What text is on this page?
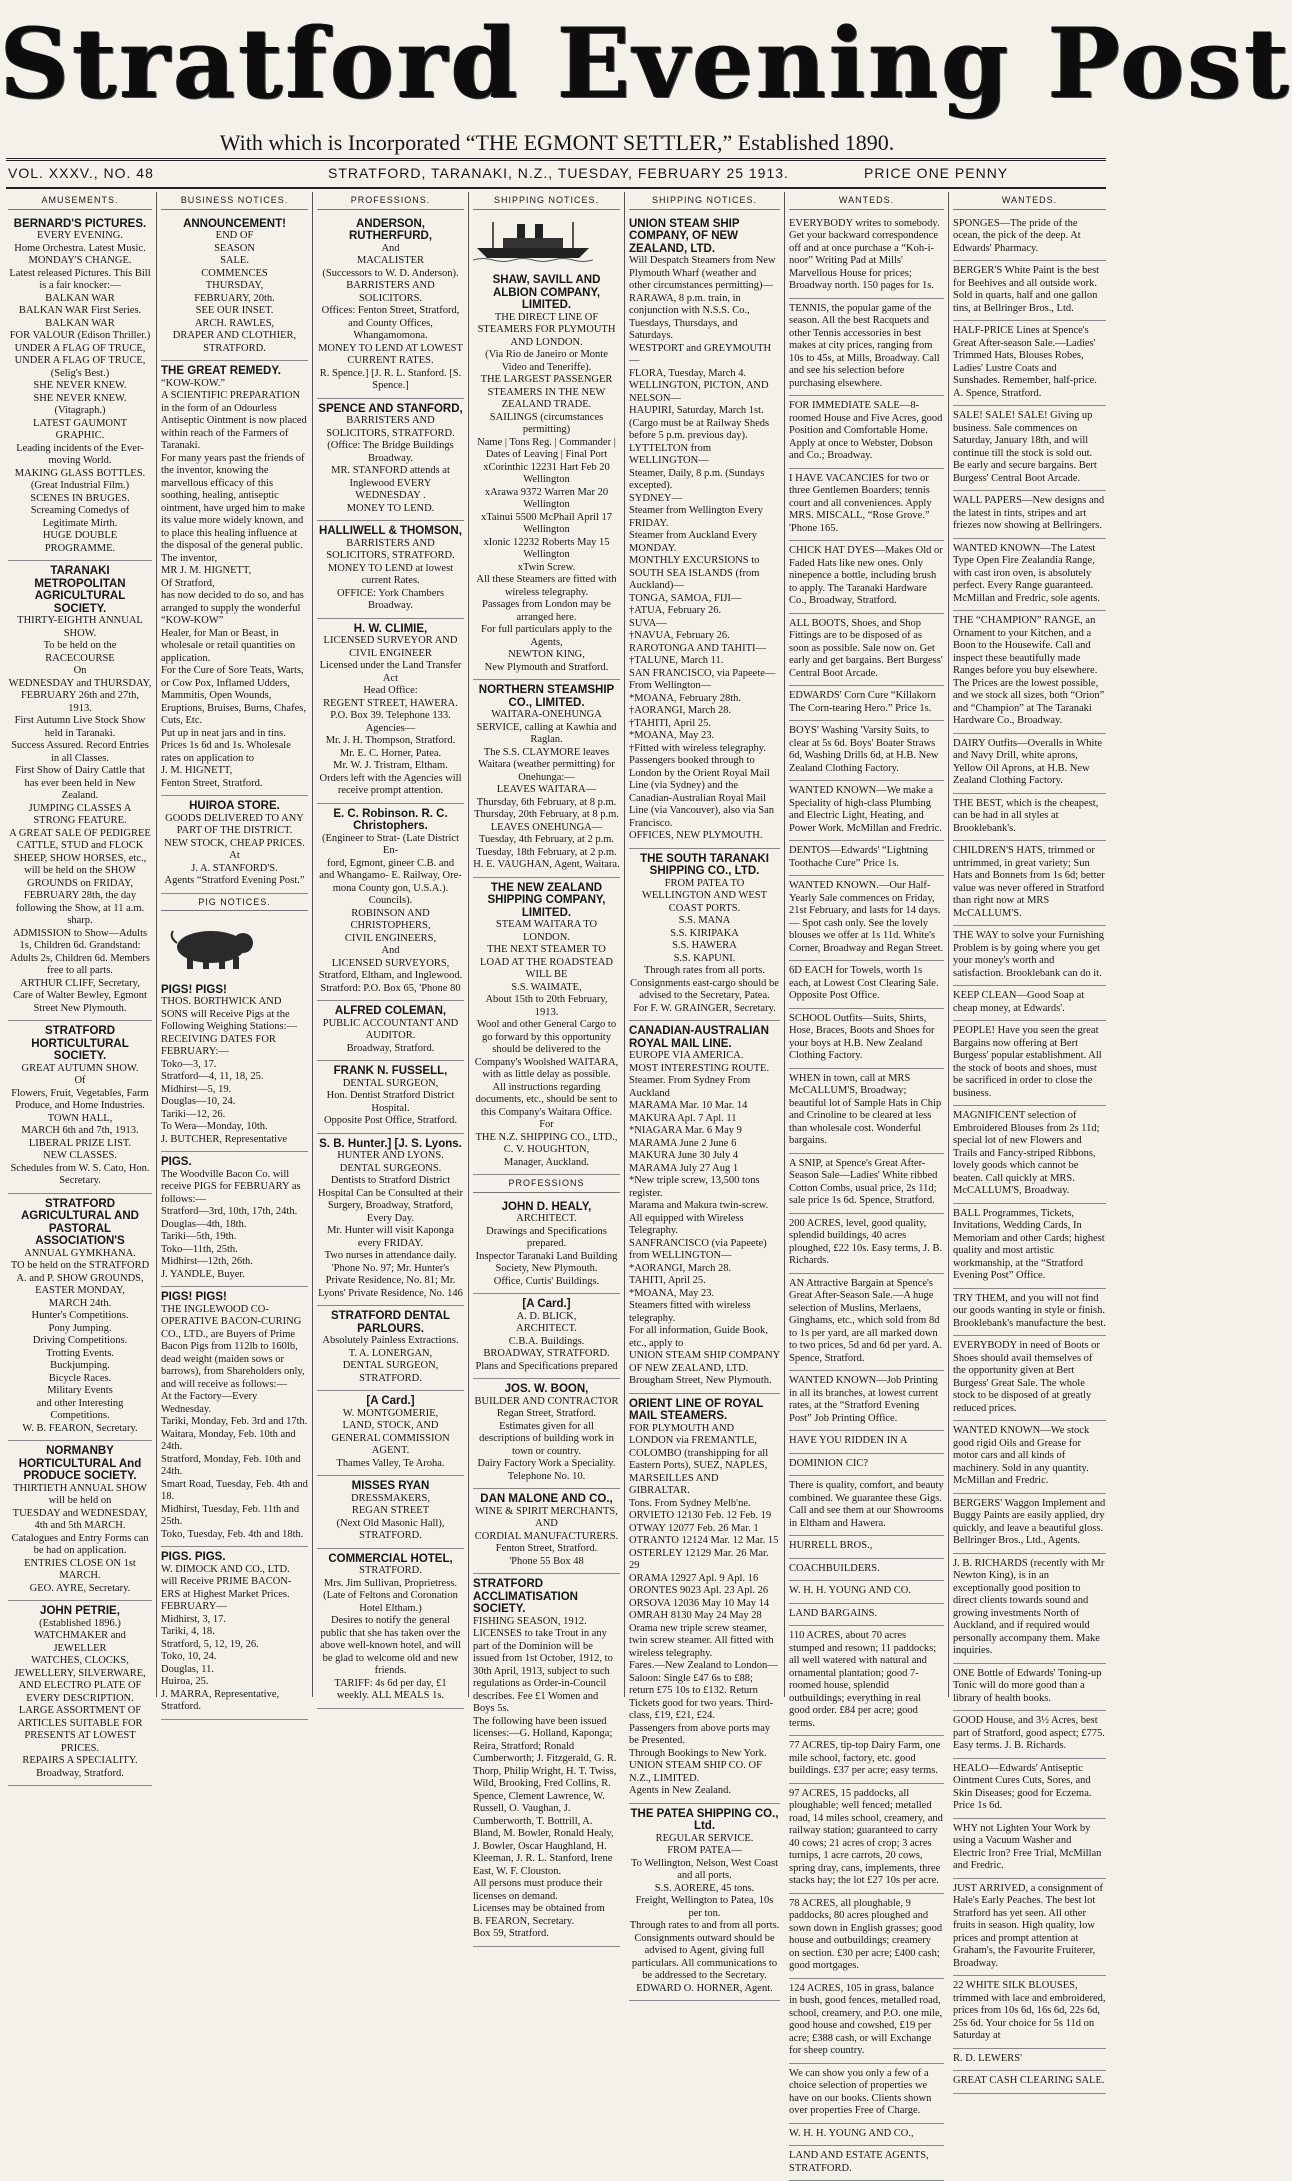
Stratford Evening Post
With which is Incorporated “THE EGMONT SETTLER,” Established 1890.
VOL. XXXV., NO. 48	STRATFORD, TARANAKI, N.Z., TUESDAY, FEBRUARY 25 1913.	PRICE ONE PENNY
AMUSEMENTS.
BERNARD'S PICTURES.
EVERY EVENING.
Home Orchestra. Latest Music.
MONDAY'S CHANGE.
Latest released Pictures. This Bill is a fair knocker:—
BALKAN WAR
BALKAN WAR First Series.
BALKAN WAR
FOR VALOUR (Edison Thriller.)
UNDER A FLAG OF TRUCE,
UNDER A FLAG OF TRUCE,
(Selig's Best.)
SHE NEVER KNEW.
SHE NEVER KNEW.
(Vitagraph.)
LATEST GAUMONT GRAPHIC.
Leading incidents of the Ever-moving World.
MAKING GLASS BOTTLES.
(Great Industrial Film.)
SCENES IN BRUGES.
Screaming Comedys of Legitimate Mirth.
HUGE DOUBLE PROGRAMME.
TARANAKI METROPOLITAN AGRICULTURAL SOCIETY.
THIRTY-EIGHTH ANNUAL
SHOW.
To be held on the RACECOURSE
On
WEDNESDAY and THURSDAY, FEBRUARY 26th and 27th, 1913.
First Autumn Live Stock Show held in Taranaki.
Success Assured. Record Entries in all Classes.
First Show of Dairy Cattle that has ever been held in New Zealand.
JUMPING CLASSES A STRONG FEATURE.
A GREAT SALE OF PEDIGREE CATTLE, STUD and FLOCK SHEEP, SHOW HORSES, etc., will be held on the SHOW GROUNDS on FRIDAY, FEBRUARY 28th, the day following the Show, at 11 a.m. sharp.
ADMISSION to Show—Adults 1s, Children 6d. Grandstand: Adults 2s, Children 6d. Members free to all parts.
ARTHUR CLIFF, Secretary,
Care of Walter Bewley, Egmont Street New Plymouth.
STRATFORD HORTICULTURAL SOCIETY.
GREAT AUTUMN SHOW.
Of
Flowers, Fruit, Vegetables, Farm Produce, and Home Industries.
TOWN HALL,
MARCH 6th and 7th, 1913.
LIBERAL PRIZE LIST.
NEW CLASSES.
Schedules from W. S. Cato, Hon. Secretary.
STRATFORD AGRICULTURAL AND PASTORAL ASSOCIATION'S
ANNUAL GYMKHANA.
TO be held on the STRATFORD A. and P. SHOW GROUNDS,
EASTER MONDAY,
MARCH 24th.
Hunter's Competitions.
Pony Jumping.
Driving Competitions.
Trotting Events.
Buckjumping.
Bicycle Races.
Military Events
and other Interesting Competitions.
W. B. FEARON, Secretary.
NORMANBY HORTICULTURAL And PRODUCE SOCIETY.
THIRTIETH ANNUAL SHOW will be held on
TUESDAY and WEDNESDAY,
4th and 5th MARCH.
Catalogues and Entry Forms can be had on application.
ENTRIES CLOSE ON 1st MARCH.
GEO. AYRE, Secretary.
JOHN PETRIE,
(Established 1896.)
WATCHMAKER and JEWELLER
WATCHES, CLOCKS, JEWELLERY, SILVERWARE, AND ELECTRO PLATE OF EVERY DESCRIPTION.
LARGE ASSORTMENT OF ARTICLES SUITABLE FOR PRESENTS AT LOWEST PRICES.
REPAIRS A SPECIALITY.
Broadway, Stratford.
BUSINESS NOTICES.
ANNOUNCEMENT!
END OF
SEASON
SALE.
COMMENCES
THURSDAY,
FEBRUARY, 20th.
SEE OUR INSET.
ARCH. RAWLES,
DRAPER AND CLOTHIER,
STRATFORD.
THE GREAT REMEDY.
“KOW-KOW.”
A SCIENTIFIC PREPARATION in the form of an Odourless Antiseptic Ointment is now placed within reach of the Farmers of Taranaki.
For many years past the friends of the inventor, knowing the marvellous efficacy of this soothing, healing, antiseptic ointment, have urged him to make its value more widely known, and to place this healing influence at the disposal of the general public. The inventor,
MR J. M. HIGNETT,
Of Stratford,
has now decided to do so, and has arranged to supply the wonderful
“KOW-KOW”
Healer, for Man or Beast, in wholesale or retail quantities on application.
For the Cure of Sore Teats, Warts, or Cow Pox, Inflamed Udders, Mammitis, Open Wounds, Eruptions, Bruises, Burns, Chafes, Cuts, Etc.
Put up in neat jars and in tins. Prices 1s 6d and 1s. Wholesale rates on application to
J. M. HIGNETT,
Fenton Street, Stratford.
HUIROA STORE.
GOODS DELIVERED TO ANY PART OF THE DISTRICT.
NEW STOCK, CHEAP PRICES.
At
J. A. STANFORD'S.
Agents “Stratford Evening Post.”
PIG NOTICES.
PIGS! PIGS!
THOS. BORTHWICK AND SONS will Receive Pigs at the Following Weighing Stations:—
RECEIVING DATES FOR FEBRUARY:—
Toko—3, 17.
Stratford—4, 11, 18, 25.
Midhirst—5, 19.
Douglas—10, 24.
Tariki—12, 26.
To Wera—Monday, 10th.
J. BUTCHER, Representative
PIGS.
The Woodville Bacon Co. will receive PIGS for FEBRUARY as follows:—
Stratford—3rd, 10th, 17th, 24th.
Douglas—4th, 18th.
Tariki—5th, 19th.
Toko—11th, 25th.
Midhirst—12th, 26th.
J. YANDLE, Buyer.
PIGS! PIGS!
THE INGLEWOOD CO-OPERATIVE BACON-CURING CO., LTD., are Buyers of Prime Bacon Pigs from 112lb to 160lb, dead weight (maiden sows or barrows), from Shareholders only, and will receive as follows:—
At the Factory—Every Wednesday.
Tariki, Monday, Feb. 3rd and 17th.
Waitara, Monday, Feb. 10th and 24th.
Stratford, Monday, Feb. 10th and 24th.
Smart Road, Tuesday, Feb. 4th and 18.
Midhirst, Tuesday, Feb. 11th and 25th.
Toko, Tuesday, Feb. 4th and 18th.
PIGS. PIGS.
W. DIMOCK AND CO., LTD. will Receive PRIME BACON-ERS at Highest Market Prices.
FEBRUARY—
Midhirst, 3, 17.
Tariki, 4, 18.
Stratford, 5, 12, 19, 26.
Toko, 10, 24.
Douglas, 11.
Huiroa, 25.
J. MARRA, Representative, Stratford.
PROFESSIONS.
ANDERSON, RUTHERFURD,
And
MACALISTER
(Successors to W. D. Anderson).
BARRISTERS AND SOLICITORS.
Offices: Fenton Street, Stratford, and County Offices, Whangamomona.
MONEY TO LEND AT LOWEST CURRENT RATES.
R. Spence.] [J. R. L. Stanford. [S. Spence.]
SPENCE AND STANFORD,
BARRISTERS AND SOLICITORS, STRATFORD.
(Office: The Bridge Buildings Broadway.
MR. STANFORD attends at Inglewood EVERY WEDNESDAY .
MONEY TO LEND.
HALLIWELL & THOMSON,
BARRISTERS AND SOLICITORS, STRATFORD.
MONEY TO LEND at lowest current Rates.
OFFICE: York Chambers Broadway.
H. W. CLIMIE,
LICENSED SURVEYOR AND CIVIL ENGINEER
Licensed under the Land Transfer Act
Head Office:
REGENT STREET, HAWERA.
P.O. Box 39. Telephone 133.
Agencies—
Mr. J. H. Thompson, Stratford.
Mr. E. C. Horner, Patea.
Mr. W. J. Tristram, Eltham.
Orders left with the Agencies will receive prompt attention.
E. C. Robinson. R. C. Christophers.
(Engineer to Strat- (Late District En-
ford, Egmont, gineer C.B. and
and Whangamo- E. Railway, Ore-
mona County gon, U.S.A.).
Councils).
ROBINSON AND CHRISTOPHERS,
CIVIL ENGINEERS,
And
LICENSED SURVEYORS,
Stratford, Eltham, and Inglewood.
Stratford: P.O. Box 65, 'Phone 80
ALFRED COLEMAN,
PUBLIC ACCOUNTANT AND AUDITOR.
Broadway, Stratford.
FRANK N. FUSSELL,
DENTAL SURGEON,
Hon. Dentist Stratford District Hospital.
Opposite Post Office, Stratford.
S. B. Hunter.] [J. S. Lyons.
HUNTER AND LYONS.
DENTAL SURGEONS.
Dentists to Stratford District Hospital Can be Consulted at their Surgery, Broadway, Stratford, Every Day.
Mr. Hunter will visit Kaponga every FRIDAY.
Two nurses in attendance daily.
'Phone No. 97; Mr. Hunter's Private Residence, No. 81; Mr. Lyons' Private Residence, No. 146
STRATFORD DENTAL PARLOURS.
Absolutely Painless Extractions.
T. A. LONERGAN,
DENTAL SURGEON, STRATFORD.
[A Card.]
W. MONTGOMERIE,
LAND, STOCK, AND GENERAL COMMISSION AGENT.
Thames Valley, Te Aroha.
MISSES RYAN
DRESSMAKERS,
REGAN STREET
(Next Old Masonic Hall),
STRATFORD.
COMMERCIAL HOTEL,
STRATFORD.
Mrs. Jim Sullivan, Proprietress.
(Late of Feltons and Coronation Hotel Eltham.)
Desires to notify the general public that she has taken over the above well-known hotel, and will be glad to welcome old and new friends.
TARIFF: 4s 6d per day, £1 weekly. ALL MEALS 1s.
SHIPPING NOTICES.
SHAW, SAVILL AND ALBION COMPANY, LIMITED.
THE DIRECT LINE OF STEAMERS FOR PLYMOUTH AND LONDON.
(Via Rio de Janeiro or Monte Video and Teneriffe).
THE LARGEST PASSENGER STEAMERS IN THE NEW ZEALAND TRADE.
SAILINGS (circumstances permitting)
Name | Tons Reg. | Commander | Dates of Leaving | Final Port
xCorinthic 12231 Hart Feb 20 Wellington
xArawa 9372 Warren Mar 20 Wellington
xTainui 5500 McPhail April 17 Wellington
xIonic 12232 Roberts May 15 Wellington
xTwin Screw.
All these Steamers are fitted with wireless telegraphy.
Passages from London may be arranged here.
For full particulars apply to the Agents,
NEWTON KING,
New Plymouth and Stratford.
NORTHERN STEAMSHIP CO., LIMITED.
WAITARA-ONEHUNGA SERVICE, calling at Kawhia and Raglan.
The S.S. CLAYMORE leaves Waitara (weather permitting) for Onehunga:—
LEAVES WAITARA—
Thursday, 6th February, at 8 p.m.
Thursday, 20th February, at 8 p.m.
LEAVES ONEHUNGA—
Tuesday, 4th February, at 2 p.m.
Tuesday, 18th February, at 2 p.m.
H. E. VAUGHAN, Agent, Waitara.
THE NEW ZEALAND SHIPPING COMPANY, LIMITED.
STEAM WAITARA TO LONDON.
THE NEXT STEAMER TO LOAD AT THE ROADSTEAD WILL BE
S.S. WAIMATE,
About 15th to 20th February, 1913.
Wool and other General Cargo to go forward by this opportunity should be delivered to the Company's Woolshed WAITARA, with as little delay as possible.
All instructions regarding documents, etc., should be sent to this Company's Waitara Office.
For
THE N.Z. SHIPPING CO., LTD.,
C. V. HOUGHTON,
Manager, Auckland.
PROFESSIONS
JOHN D. HEALY,
ARCHITECT.
Drawings and Specifications prepared.
Inspector Taranaki Land Building Society, New Plymouth.
Office, Curtis' Buildings.
[A Card.]
A. D. BLICK,
ARCHITECT.
C.B.A. Buildings.
BROADWAY, STRATFORD.
Plans and Specifications prepared
JOS. W. BOON,
BUILDER AND CONTRACTOR
Regan Street, Stratford.
Estimates given for all descriptions of building work in town or country.
Dairy Factory Work a Speciality.
Telephone No. 10.
DAN MALONE AND CO.,
WINE & SPIRIT MERCHANTS,
AND
CORDIAL MANUFACTURERS.
Fenton Street, Stratford.
'Phone 55 Box 48
STRATFORD ACCLIMATISATION SOCIETY.
FISHING SEASON, 1912.
LICENSES to take Trout in any part of the Dominion will be issued from 1st October, 1912, to 30th April, 1913, subject to such regulations as Order-in-Council describes. Fee £1 Women and Boys 5s.
The following have been issued licenses:—G. Holland, Kaponga; Reira, Stratford; Ronald Cumberworth; J. Fitzgerald, G. R. Thorp, Philip Wright, H. T. Twiss, Wild, Brooking, Fred Collins, R. Spence, Clement Lawrence, W. Russell, O. Vaughan, J. Cumberworth, T. Bottrill, A. Bland, M. Bowler, Ronald Healy, J. Bowler, Oscar Haughland, H. Kleeman, J. R. L. Stanford, Irene East, W. F. Clouston.
All persons must produce their licenses on demand.
Licenses may be obtained from
B. FEARON, Secretary.
Box 59, Stratford.
SHIPPING NOTICES.
UNION STEAM SHIP COMPANY, OF NEW ZEALAND, LTD.
Will Despatch Steamers from New Plymouth Wharf (weather and other circumstances permitting)—
RARAWA, 8 p.m. train, in conjunction with N.S.S. Co., Tuesdays, Thursdays, and Saturdays.
WESTPORT and GREYMOUTH—
FLORA, Tuesday, March 4.
WELLINGTON, PICTON, AND NELSON—
HAUPIRI, Saturday, March 1st.
(Cargo must be at Railway Sheds before 5 p.m. previous day).
LYTTELTON from WELLINGTON—
Steamer, Daily, 8 p.m. (Sundays excepted).
SYDNEY—
Steamer from Wellington Every FRIDAY.
Steamer from Auckland Every MONDAY.
MONTHLY EXCURSIONS to SOUTH SEA ISLANDS (from Auckland)—
TONGA, SAMOA, FIJI—
†ATUA, February 26.
SUVA—
†NAVUA, February 26.
RAROTONGA AND TAHITI—
†TALUNE, March 11.
SAN FRANCISCO, via Papeete—
From Wellington—
*MOANA, February 28th.
†AORANGI, March 28.
†TAHITI, April 25.
*MOANA, May 23.
†Fitted with wireless telegraphy.
Passengers booked through to London by the Orient Royal Mail Line (via Sydney) and the Canadian-Australian Royal Mail Line (via Vancouver), also via San Francisco.
OFFICES, NEW PLYMOUTH.
THE SOUTH TARANAKI SHIPPING CO., LTD.
FROM PATEA TO WELLINGTON AND WEST COAST PORTS.
S.S. MANA
S.S. KIRIPAKA
S.S. HAWERA
S.S. KAPUNI.
Through rates from all ports. Consignments east-cargo should be advised to the Secretary, Patea.
For F. W. GRAINGER, Secretary.
CANADIAN-AUSTRALIAN ROYAL MAIL LINE.
EUROPE VIA AMERICA.
MOST INTERESTING ROUTE.
Steamer. From Sydney From Auckland
MARAMA Mar. 10 Mar. 14
MAKURA Apl. 7 Apl. 11
*NIAGARA Mar. 6 May 9
MARAMA June 2 June 6
MAKURA June 30 July 4
MARAMA July 27 Aug 1
*New triple screw, 13,500 tons register.
Marama and Makura twin-screw.
All equipped with Wireless Telegraphy.
SANFRANCISCO (via Papeete) from WELLINGTON—
*AORANGI, March 28.
TAHITI, April 25.
*MOANA, May 23.
Steamers fitted with wireless telegraphy.
For all information, Guide Book, etc., apply to
UNION STEAM SHIP COMPANY OF NEW ZEALAND, LTD.
Brougham Street, New Plymouth.
ORIENT LINE OF ROYAL MAIL STEAMERS.
FOR PLYMOUTH AND LONDON via FREMANTLE, COLOMBO (transhipping for all Eastern Ports), SUEZ, NAPLES, MARSEILLES AND GIBRALTAR.
Tons. From Sydney Melb'ne.
ORVIETO 12130 Feb. 12 Feb. 19
OTWAY 12077 Feb. 26 Mar. 1
OTRANTO 12124 Mar. 12 Mar. 15
OSTERLEY 12129 Mar. 26 Mar. 29
ORAMA 12927 Apl. 9 Apl. 16
ORONTES 9023 Apl. 23 Apl. 26
ORSOVA 12036 May 10 May 14
OMRAH 8130 May 24 May 28
Orama new triple screw steamer, twin screw steamer. All fitted with wireless telegraphy.
Fares.—New Zealand to London—Saloon: Single £47 6s to £88; return £75 10s to £132. Return Tickets good for two years. Third-class, £19, £21, £24.
Passengers from above ports may be Presented.
Through Bookings to New York.
UNION STEAM SHIP CO. OF N.Z., LIMITED.
Agents in New Zealand.
THE PATEA SHIPPING CO., Ltd.
REGULAR SERVICE.
FROM PATEA—
To Wellington, Nelson, West Coast and all ports.
S.S. AORERE, 45 tons.
Freight, Wellington to Patea, 10s per ton.
Through rates to and from all ports. Consignments outward should be advised to Agent, giving full particulars. All communications to be addressed to the Secretary.
EDWARD O. HORNER, Agent.
WANTEDS.
EVERYBODY writes to somebody. Get your backward correspondence off and at once purchase a “Koh-i-noor” Writing Pad at Mills' Marvellous House for prices; Broadway north. 150 pages for 1s.
TENNIS, the popular game of the season. All the best Racquets and other Tennis accessories in best makes at city prices, ranging from 10s to 45s, at Mills, Broadway. Call and see his selection before purchasing elsewhere.
FOR IMMEDIATE SALE—8-roomed House and Five Acres, good Position and Comfortable Home. Apply at once to Webster, Dobson and Co.; Broadway.
I HAVE VACANCIES for two or three Gentlemen Boarders; tennis court and all conveniences. Apply MRS. MISCALL, “Rose Grove.” 'Phone 165.
CHICK HAT DYES—Makes Old or Faded Hats like new ones. Only ninepence a bottle, including brush to apply. The Taranaki Hardware Co., Broadway, Stratford.
ALL BOOTS, Shoes, and Shop Fittings are to be disposed of as soon as possible. Sale now on. Get early and get bargains. Bert Burgess' Central Boot Arcade.
EDWARDS' Corn Cure “Killakorn The Corn-tearing Hero.” Price 1s.
BOYS' Washing 'Varsity Suits, to clear at 5s 6d. Boys' Boater Straws 6d, Washing Drills 6d, at H.B. New Zealand Clothing Factory.
WANTED KNOWN—We make a Speciality of high-class Plumbing and Electric Light, Heating, and Power Work. McMillan and Fredric.
DENTOS—Edwards' “Lightning Toothache Cure” Price 1s.
WANTED KNOWN.—Our Half-Yearly Sale commences on Friday, 21st February, and lasts for 14 days.— Spot cash only. See the lovely blouses we offer at 1s 11d. White's Corner, Broadway and Regan Street.
6D EACH for Towels, worth 1s each, at Lowest Cost Clearing Sale. Opposite Post Office.
SCHOOL Outfits—Suits, Shirts, Hose, Braces, Boots and Shoes for your boys at H.B. New Zealand Clothing Factory.
WHEN in town, call at MRS McCALLUM'S, Broadway; beautiful lot of Sample Hats in Chip and Crinoline to be cleared at less than wholesale cost. Wonderful bargains.
A SNIP, at Spence's Great After-Season Sale—Ladies' White ribbed Cotton Combs, usual price, 2s 11d; sale price 1s 6d. Spence, Stratford.
200 ACRES, level, good quality, splendid buildings, 40 acres ploughed, £22 10s. Easy terms, J. B. Richards.
AN Attractive Bargain at Spence's Great After-Season Sale.—A huge selection of Muslins, Merlaens, Ginghams, etc., which sold from 8d to 1s per yard, are all marked down to two prices, 5d and 6d per yard. A. Spence, Stratford.
WANTED KNOWN—Job Printing in all its branches, at lowest current rates, at the “Stratford Evening Post” Job Printing Office.
HAVE YOU RIDDEN IN A
DOMINION CIC?
There is quality, comfort, and beauty combined. We guarantee these Gigs. Call and see them at our Showrooms in Eltham and Hawera.
HURRELL BROS.,
COACHBUILDERS.
W. H. H. YOUNG AND CO.
LAND BARGAINS.
110 ACRES, about 70 acres stumped and resown; 11 paddocks; all well watered with natural and ornamental plantation; good 7-roomed house, splendid outbuildings; everything in real good order. £84 per acre; good terms.
77 ACRES, tip-top Dairy Farm, one mile school, factory, etc. good buildings. £37 per acre; easy terms.
97 ACRES, 15 paddocks, all ploughable; well fenced; metalled road, 14 miles school, creamery, and railway station; guaranteed to carry 40 cows; 21 acres of crop; 3 acres turnips, 1 acre carrots, 20 cows, spring dray, cans, implements, three stacks hay; the lot £27 10s per acre.
78 ACRES, all ploughable, 9 paddocks, 80 acres ploughed and sown down in English grasses; good house and outbuildings; creamery on section. £30 per acre; £400 cash; good mortgages.
124 ACRES, 105 in grass, balance in bush, good fences, metalled road, school, creamery, and P.O. one mile, good house and cowshed, £19 per acre; £388 cash, or will Exchange for sheep country.
We can show you only a few of a choice selection of properties we have on our books. Clients shown over properties Free of Charge.
W. H. H. YOUNG AND CO.,
LAND AND ESTATE AGENTS, STRATFORD.
WANTEDS.
SPONGES—The pride of the ocean, the pick of the deep. At Edwards' Pharmacy.
BERGER'S White Paint is the best for Beehives and all outside work. Sold in quarts, half and one gallon tins, at Bellringer Bros., Ltd.
HALF-PRICE Lines at Spence's Great After-season Sale.—Ladies' Trimmed Hats, Blouses Robes, Ladies' Lustre Coats and Sunshades. Remember, half-price. A. Spence, Stratford.
SALE! SALE! SALE! Giving up business. Sale commences on Saturday, January 18th, and will continue till the stock is sold out. Be early and secure bargains. Bert Burgess' Central Boot Arcade.
WALL PAPERS—New designs and the latest in tints, stripes and art friezes now showing at Bellringers.
WANTED KNOWN—The Latest Type Open Fire Zealandia Range, with cast iron oven, is absolutely perfect. Every Range guaranteed. McMillan and Fredric, sole agents.
THE “CHAMPION” RANGE, an Ornament to your Kitchen, and a Boon to the Housewife. Call and inspect these beautifully made Ranges before you buy elsewhere. The Prices are the lowest possible, and we stock all sizes, both “Orion” and “Champion” at The Taranaki Hardware Co., Broadway.
DAIRY Outfits—Overalls in White and Navy Drill, white aprons, Yellow Oil Aprons, at H.B. New Zealand Clothing Factory.
THE BEST, which is the cheapest, can be had in all styles at Brooklebank's.
CHILDREN'S HATS, trimmed or untrimmed, in great variety; Sun Hats and Bonnets from 1s 6d; better value was never offered in Stratford than right now at MRS McCALLUM'S.
THE WAY to solve your Furnishing Problem is by going where you get your money's worth and satisfaction. Brooklebank can do it.
KEEP CLEAN—Good Soap at cheap money, at Edwards'.
PEOPLE! Have you seen the great Bargains now offering at Bert Burgess' popular establishment. All the stock of boots and shoes, must be sacrificed in order to close the business.
MAGNIFICENT selection of Embroidered Blouses from 2s 11d; special lot of new Flowers and Trails and Fancy-striped Ribbons, lovely goods which cannot be beaten. Call quickly at MRS. McCALLUM'S, Broadway.
BALL Programmes, Tickets, Invitations, Wedding Cards, In Memoriam and other Cards; highest quality and most artistic workmanship, at the “Stratford Evening Post” Office.
TRY THEM, and you will not find our goods wanting in style or finish. Brooklebank's manufacture the best.
EVERYBODY in need of Boots or Shoes should avail themselves of the opportunity given at Bert Burgess' Great Sale. The whole stock to be disposed of at greatly reduced prices.
WANTED KNOWN—We stock good rigid Oils and Grease for motor cars and all kinds of machinery. Sold in any quantity. McMillan and Fredric.
BERGERS' Waggon Implement and Buggy Paints are easily applied, dry quickly, and leave a beautiful gloss. Bellringer Bros., Ltd., Agents.
J. B. RICHARDS (recently with Mr Newton King), is in an exceptionally good position to direct clients towards sound and growing investments North of Auckland, and if required would personally accompany them. Make inquiries.
ONE Bottle of Edwards' Toning-up Tonic will do more good than a library of health books.
GOOD House, and 3½ Acres, best part of Stratford, good aspect; £775. Easy terms. J. B. Richards.
HEALO—Edwards' Antiseptic Ointment Cures Cuts, Sores, and Skin Diseases; good for Eczema. Price 1s 6d.
WHY not Lighten Your Work by using a Vacuum Washer and Electric Iron? Free Trial, McMillan and Fredric.
JUST ARRIVED, a consignment of Hale's Early Peaches. The best lot Stratford has yet seen. All other fruits in season. High quality, low prices and prompt attention at Graham's, the Favourite Fruiterer, Broadway.
22 WHITE SILK BLOUSES, trimmed with lace and embroidered, prices from 10s 6d, 16s 6d, 22s 6d, 25s 6d. Your choice for 5s 11d on Saturday at
R. D. LEWERS'
GREAT CASH CLEARING SALE.
